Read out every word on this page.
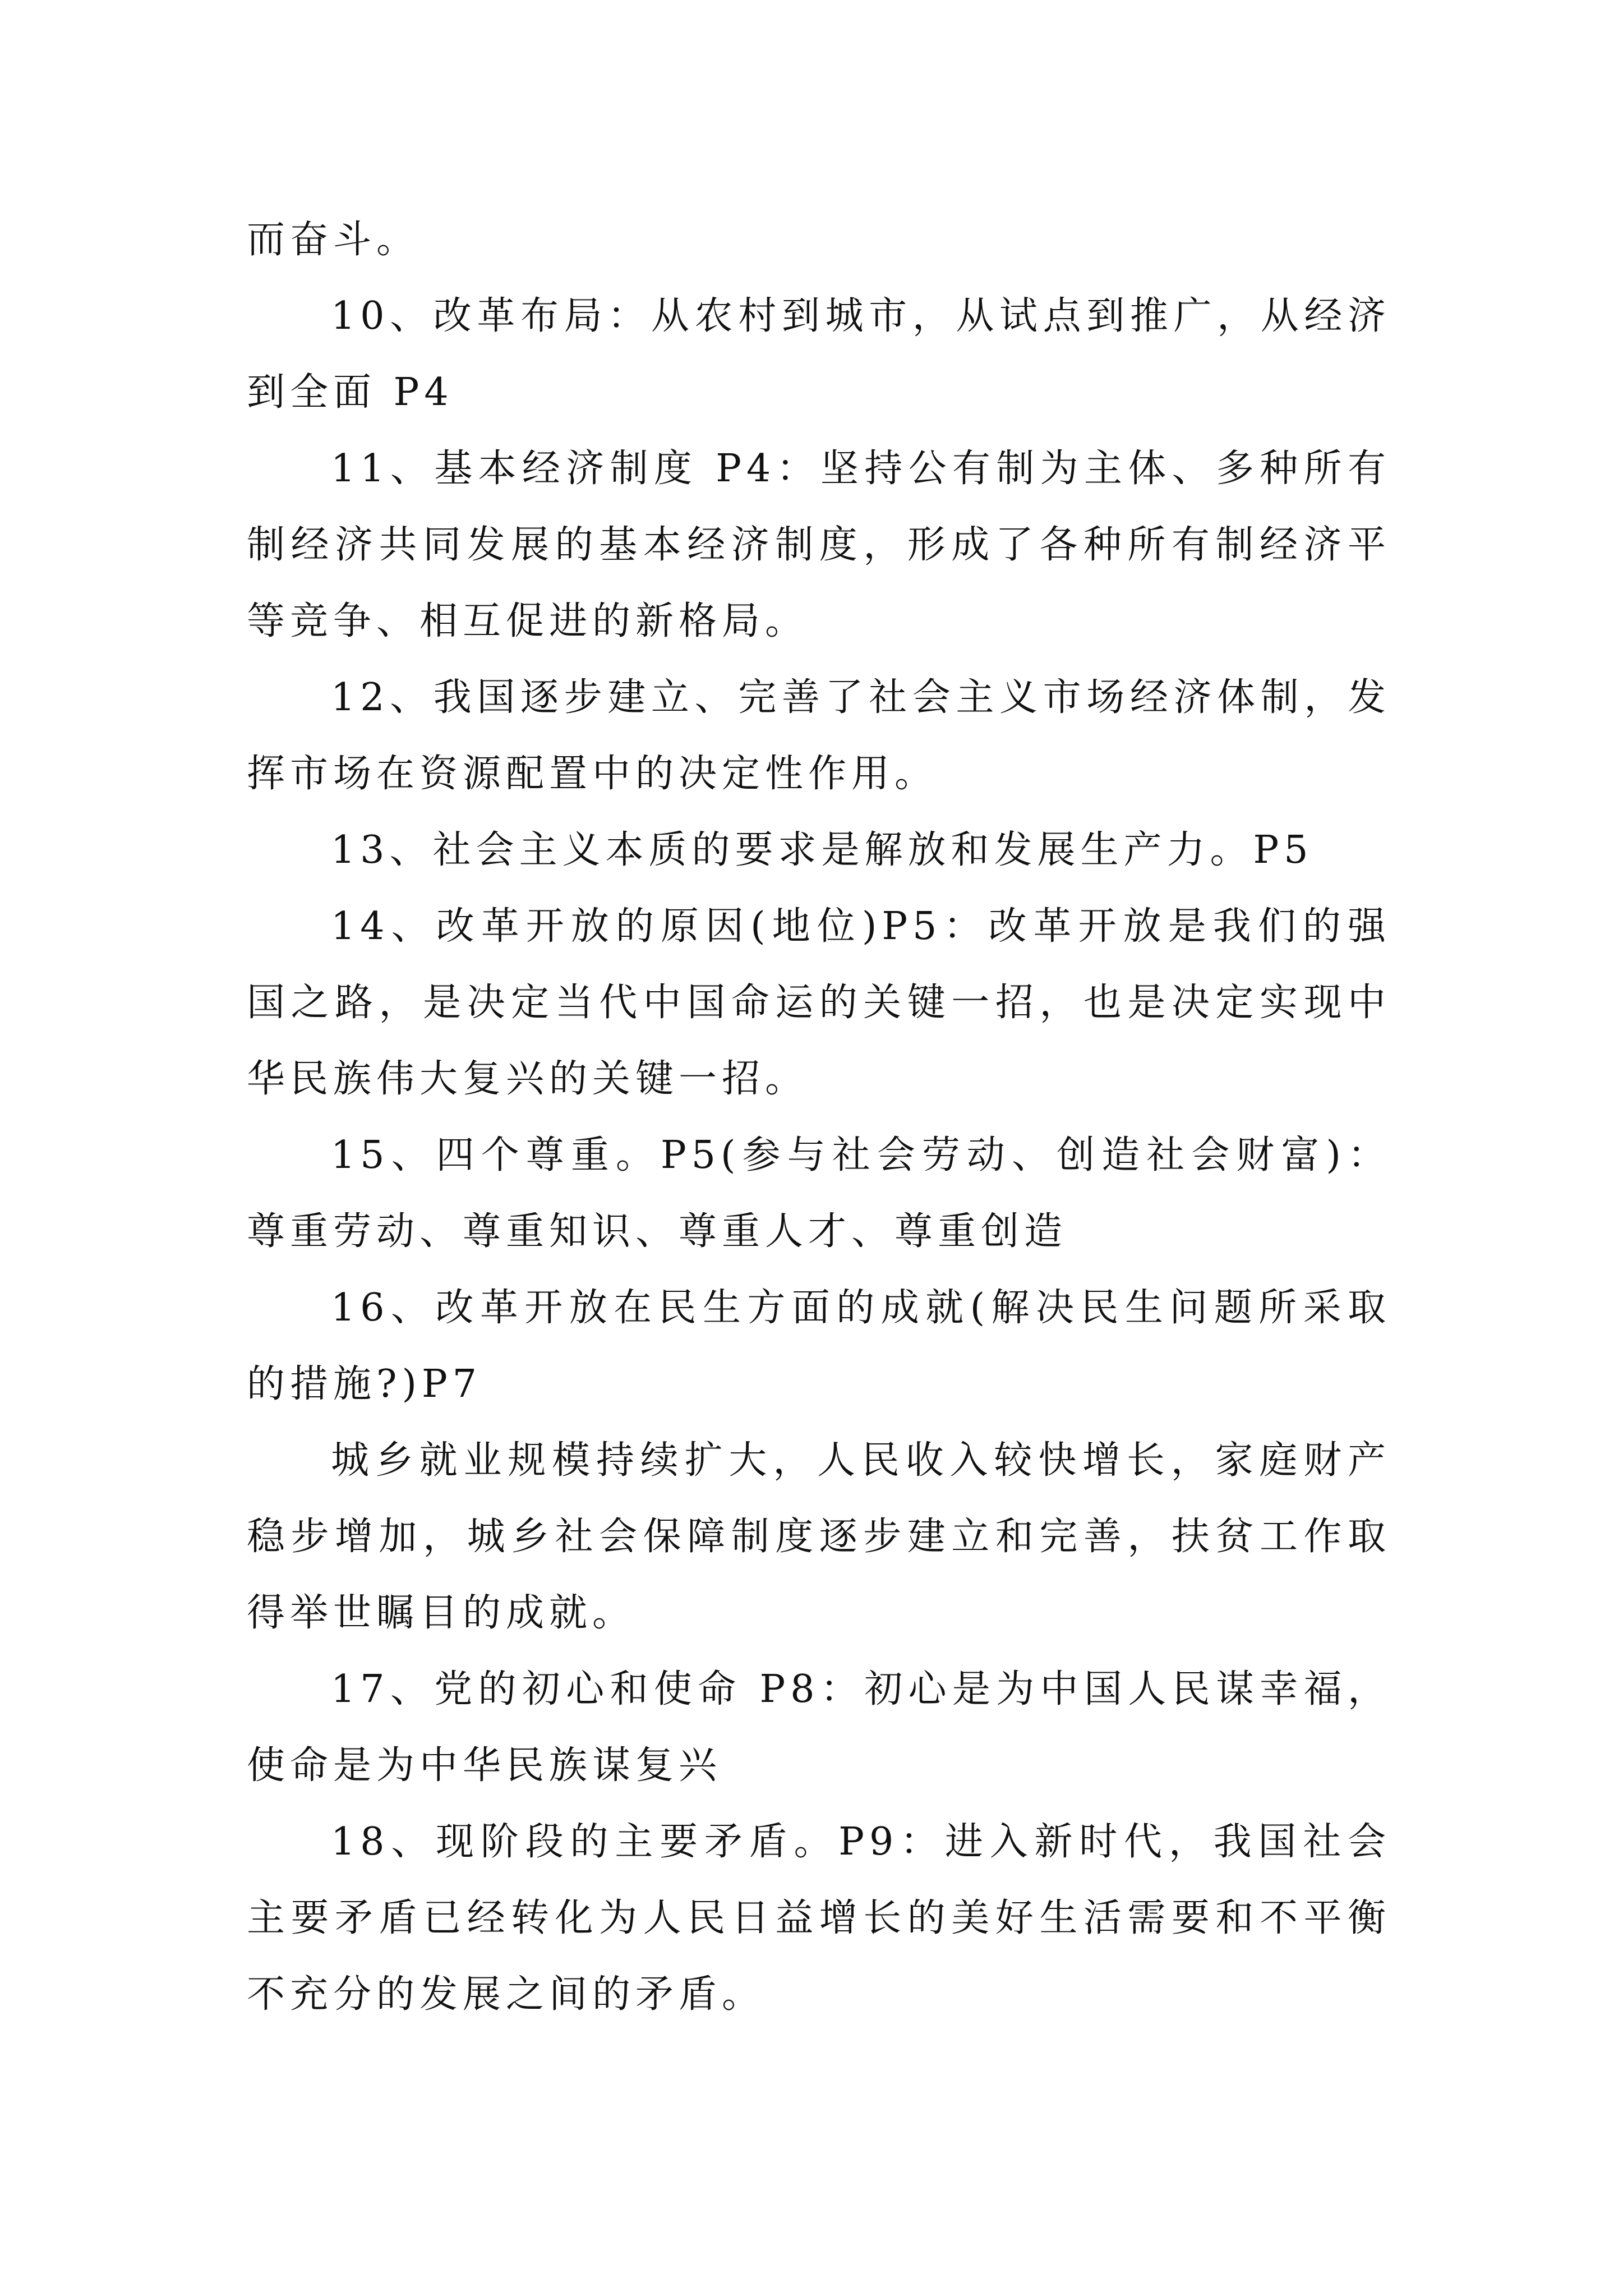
而奋斗。

10、改革布局：从农村到城市，从试点到推广，从经济到全面 P4

11、基本经济制度 P4：坚持公有制为主体、多种所有制经济共同发展的基本经济制度，形成了各种所有制经济平等竞争、相互促进的新格局。

12、我国逐步建立、完善了社会主义市场经济体制，发挥市场在资源配置中的决定性作用。

13、社会主义本质的要求是解放和发展生产力。P5

14、改革开放的原因(地位)P5：改革开放是我们的强国之路，是决定当代中国命运的关键一招，也是决定实现中华民族伟大复兴的关键一招。

15、四个尊重。P5(参与社会劳动、创造社会财富)：尊重劳动、尊重知识、尊重人才、尊重创造

16、改革开放在民生方面的成就(解决民生问题所采取的措施?)P7

城乡就业规模持续扩大，人民收入较快增长，家庭财产稳步增加，城乡社会保障制度逐步建立和完善，扶贫工作取得举世瞩目的成就。

17、党的初心和使命 P8：初心是为中国人民谋幸福，使命是为中华民族谋复兴

18、现阶段的主要矛盾。P9：进入新时代，我国社会主要矛盾已经转化为人民日益增长的美好生活需要和不平衡不充分的发展之间的矛盾。
